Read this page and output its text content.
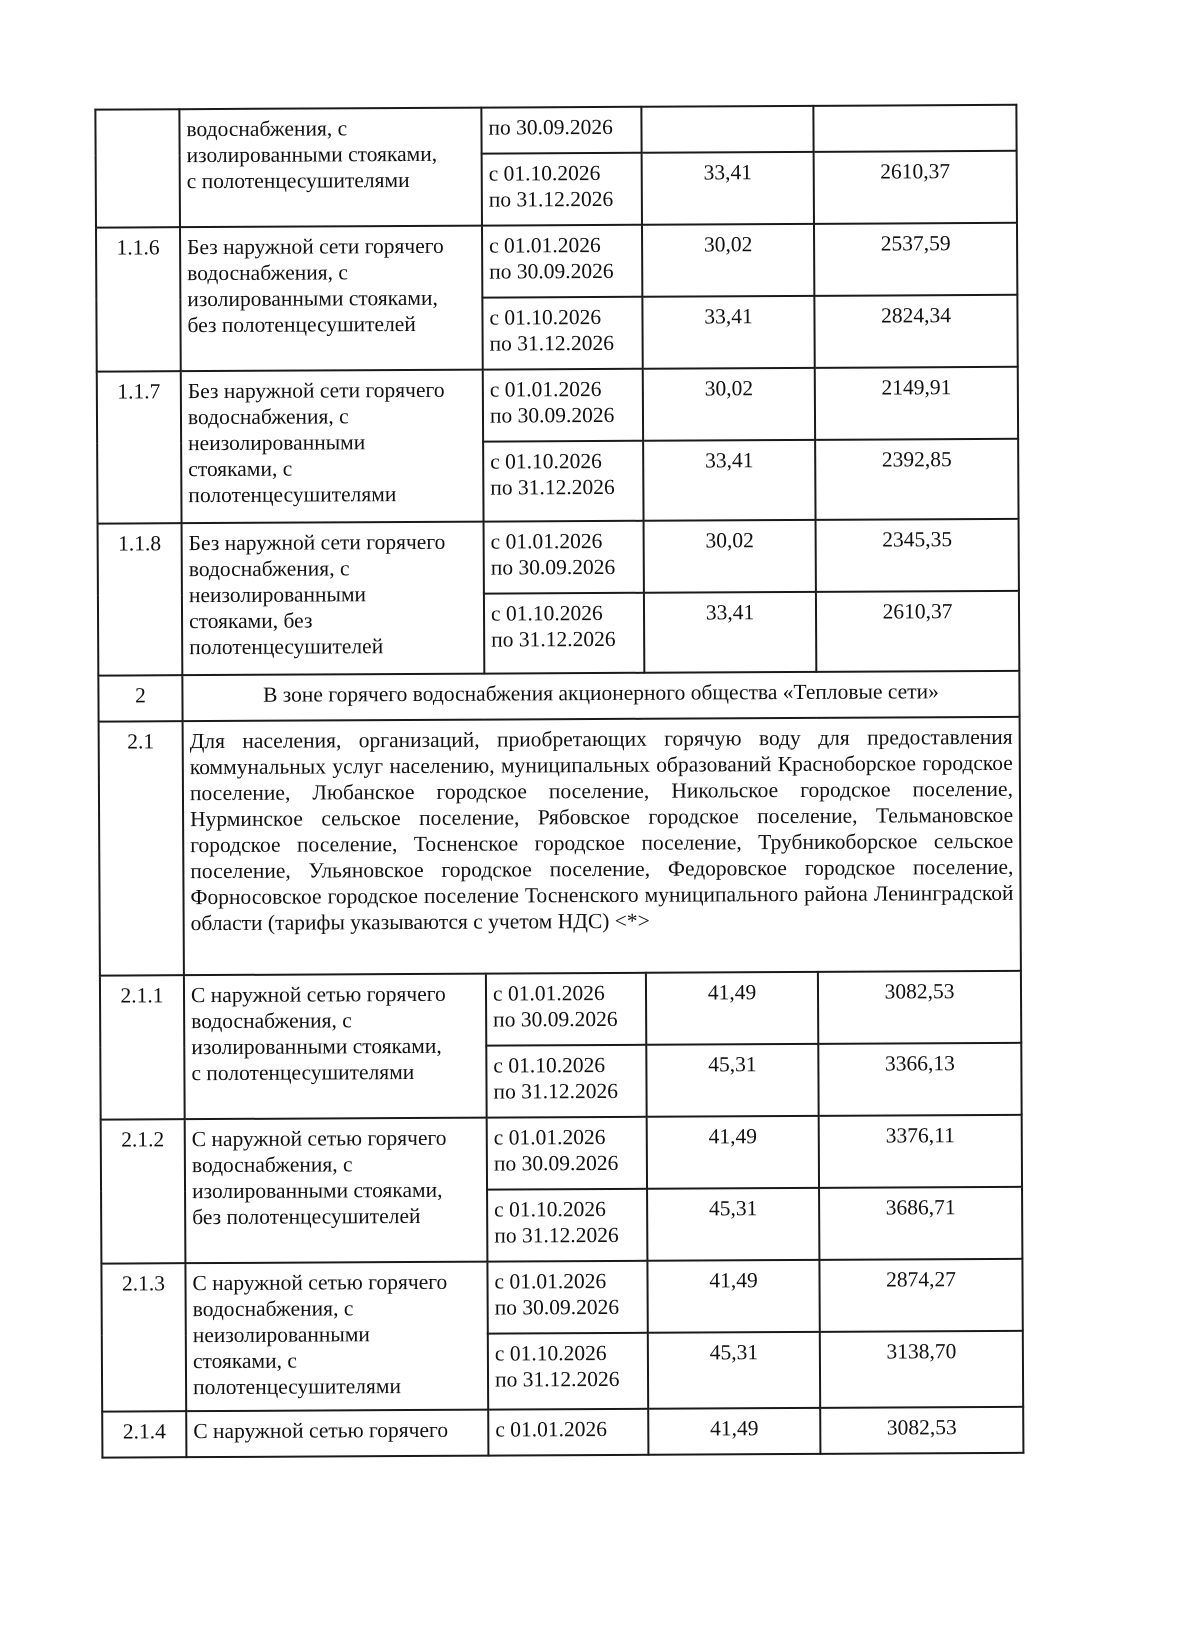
	водоснабжения, с
изолированными стояками,
с полотенцесушителями	по 30.09.2026		

		с 01.10.2026
по 31.12.2026	33,41	2610,37
1.1.6	Без наружной сети горячего
водоснабжения, с
изолированными стояками,
без полотенцесушителей	с 01.01.2026
по 30.09.2026	30,02	2537,59

		с 01.10.2026
по 31.12.2026	33,41	2824,34
1.1.7	Без наружной сети горячего
водоснабжения, с
неизолированными
стояками, с
полотенцесушителями	с 01.01.2026
по 30.09.2026	30,02	2149,91

		с 01.10.2026
по 31.12.2026	33,41	2392,85
1.1.8	Без наружной сети горячего
водоснабжения, с
неизолированными
стояками, без
полотенцесушителей	с 01.01.2026
по 30.09.2026	30,02	2345,35

		с 01.10.2026
по 31.12.2026	33,41	2610,37
2	В зоне горячего водоснабжения акционерного общества «Тепловые сети»			
2.1	Для населения, организаций, приобретающих горячую воду для предоставления коммунальных услуг населению, муниципальных образований Красноборское городское поселение, Любанское городское поселение, Никольское городское поселение, Нурминское сельское поселение, Рябовское городское поселение, Тельмановское городское поселение, Тосненское городское поселение, Трубникоборское сельское поселение, Ульяновское городское поселение, Федоровское городское поселение, Форносовское городское поселение Тосненского муниципального района Ленинградской области (тарифы указываются с учетом НДС) <*>			
2.1.1	С наружной сетью горячего
водоснабжения, с
изолированными стояками,
с полотенцесушителями	с 01.01.2026
по 30.09.2026	41,49	3082,53

		с 01.10.2026
по 31.12.2026	45,31	3366,13
2.1.2	С наружной сетью горячего
водоснабжения, с
изолированными стояками,
без полотенцесушителей	с 01.01.2026
по 30.09.2026	41,49	3376,11

		с 01.10.2026
по 31.12.2026	45,31	3686,71
2.1.3	С наружной сетью горячего
водоснабжения, с
неизолированными
стояками, с
полотенцесушителями	с 01.01.2026
по 30.09.2026	41,49	2874,27

		с 01.10.2026
по 31.12.2026	45,31	3138,70
2.1.4	С наружной сетью горячего	с 01.01.2026	41,49	3082,53
